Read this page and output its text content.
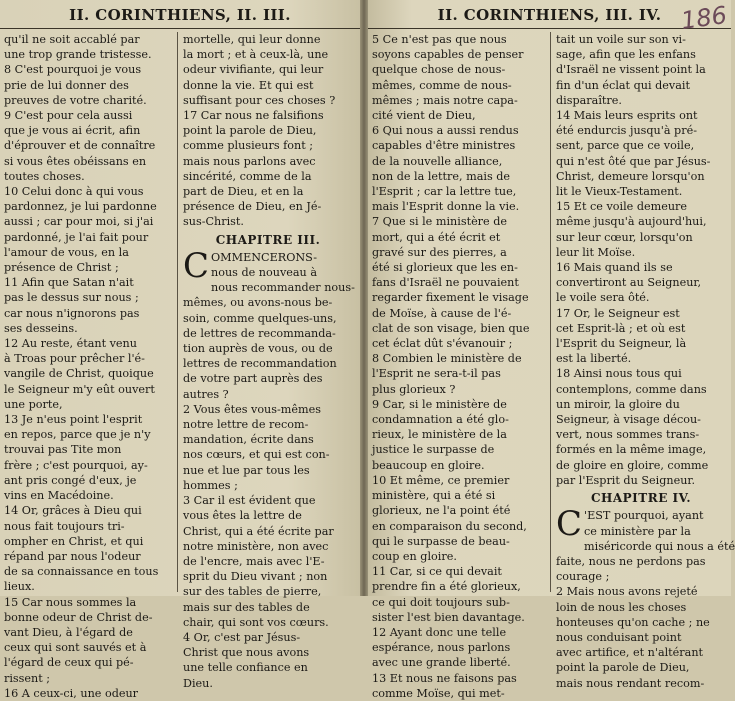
II. CORINTHIENS, II. III.
qu'il ne soit accablé par
une trop grande tristesse.
8 C'est pourquoi je vous
prie de lui donner des
preuves de votre charité.
9 C'est pour cela aussi
que je vous ai écrit, afin
d'éprouver et de connaître
si vous êtes obéissans en
toutes choses.
10 Celui donc à qui vous
pardonnez, je lui pardonne
aussi ; car pour moi, si j'ai
pardonné, je l'ai fait pour
l'amour de vous, en la
présence de Christ ;
11 Afin que Satan n'ait
pas le dessus sur nous ;
car nous n'ignorons pas
ses desseins.
12 Au reste, étant venu
à Troas pour prêcher l'é-
vangile de Christ, quoique
le Seigneur m'y eût ouvert
une porte,
13 Je n'eus point l'esprit
en repos, parce que je n'y
trouvai pas Tite mon
frère ; c'est pourquoi, ay-
ant pris congé d'eux, je
vins en Macédoine.
14 Or, grâces à Dieu qui
nous fait toujours tri-
ompher en Christ, et qui
répand par nous l'odeur
de sa connaissance en tous
lieux.
15 Car nous sommes la
bonne odeur de Christ de-
vant Dieu, à l'égard de
ceux qui sont sauvés et à
l'égard de ceux qui pé-
rissent ;
16 A ceux-ci, une odeur
mortelle, qui leur donne
la mort ; et à ceux-là, une
odeur vivifiante, qui leur
donne la vie. Et qui est
suffisant pour ces choses ?
17 Car nous ne falsifions
point la parole de Dieu,
comme plusieurs font ;
mais nous parlons avec
sincérité, comme de la
part de Dieu, et en la
présence de Dieu, en Jé-
sus-Christ.
CHAPITRE III.
C OMMENCERONS-
nous de nouveau à
nous recommander nous-
mêmes, ou avons-nous be-
soin, comme quelques-uns,
de lettres de recommanda-
tion auprès de vous, ou de
lettres de recommandation
de votre part auprès des
autres ?
2 Vous êtes vous-mêmes
notre lettre de recom-
mandation, écrite dans
nos cœurs, et qui est con-
nue et lue par tous les
hommes ;
3 Car il est évident que
vous êtes la lettre de
Christ, qui a été écrite par
notre ministère, non avec
de l'encre, mais avec l'E-
sprit du Dieu vivant ; non
sur des tables de pierre,
mais sur des tables de
chair, qui sont vos cœurs.
4 Or, c'est par Jésus-
Christ que nous avons
une telle confiance en
Dieu.
II. CORINTHIENS, III. IV. 186
5 Ce n'est pas que nous
soyons capables de penser
quelque chose de nous-
mêmes, comme de nous-
mêmes ; mais notre capa-
cité vient de Dieu,
6 Qui nous a aussi rendus
capables d'être ministres
de la nouvelle alliance,
non de la lettre, mais de
l'Esprit ; car la lettre tue,
mais l'Esprit donne la vie.
7 Que si le ministère de
mort, qui a été écrit et
gravé sur des pierres, a
été si glorieux que les en-
fans d'Israël ne pouvaient
regarder fixement le visage
de Moïse, à cause de l'é-
clat de son visage, bien que
cet éclat dût s'évanouir ;
8 Combien le ministère de
l'Esprit ne sera-t-il pas
plus glorieux ?
9 Car, si le ministère de
condamnation a été glo-
rieux, le ministère de la
justice le surpasse de
beaucoup en gloire.
10 Et même, ce premier
ministère, qui a été si
glorieux, ne l'a point été
en comparaison du second,
qui le surpasse de beau-
coup en gloire.
11 Car, si ce qui devait
prendre fin a été glorieux,
ce qui doit toujours sub-
sister l'est bien davantage.
12 Ayant donc une telle
espérance, nous parlons
avec une grande liberté.
13 Et nous ne faisons pas
comme Moïse, qui met-
tait un voile sur son vi-
sage, afin que les enfans
d'Israël ne vissent point la
fin d'un éclat qui devait
disparaître.
14 Mais leurs esprits ont
été endurcis jusqu'à pré-
sent, parce que ce voile,
qui n'est ôté que par Jésus-
Christ, demeure lorsqu'on
lit le Vieux-Testament.
15 Et ce voile demeure
même jusqu'à aujourd'hui,
sur leur cœur, lorsqu'on
leur lit Moïse.
16 Mais quand ils se
convertiront au Seigneur,
le voile sera ôté.
17 Or, le Seigneur est
cet Esprit-là ; et où est
l'Esprit du Seigneur, là
est la liberté.
18 Ainsi nous tous qui
contemplons, comme dans
un miroir, la gloire du
Seigneur, à visage décou-
vert, nous sommes trans-
formés en la même image,
de gloire en gloire, comme
par l'Esprit du Seigneur.
CHAPITRE IV.
C 'EST pourquoi, ayant
ce ministère par la
miséricorde qui nous a été
faite, nous ne perdons pas
courage ;
2 Mais nous avons rejeté
loin de nous les choses
honteuses qu'on cache ; ne
nous conduisant point
avec artifice, et n'altérant
point la parole de Dieu,
mais nous rendant recom-
